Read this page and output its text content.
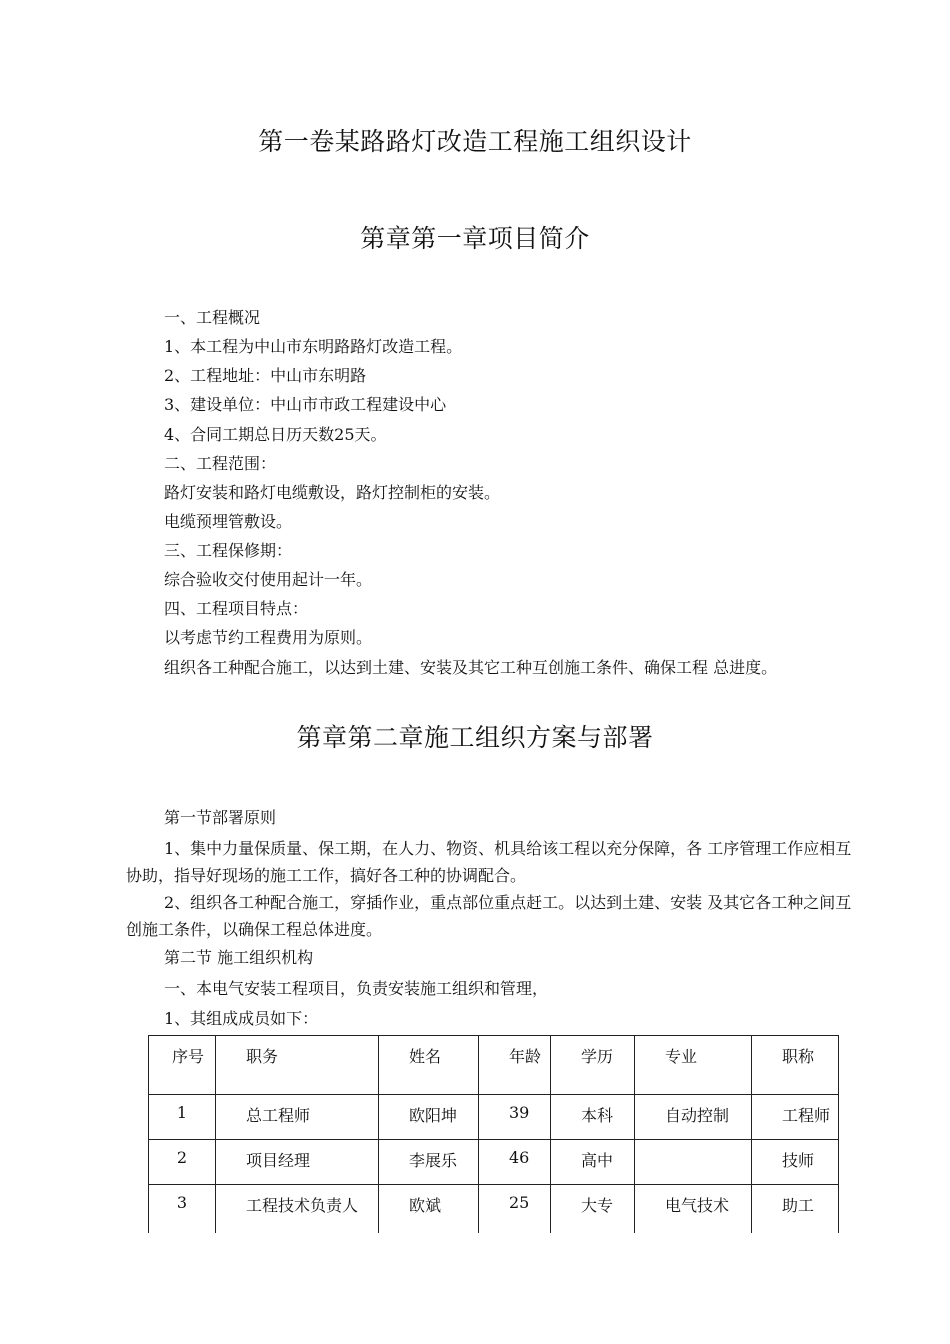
第一卷某路路灯改造工程施工组织设计
第章第一章项目简介
一、工程概况
1、本工程为中山市东明路路灯改造工程。
2、工程地址：中山市东明路
3、建设单位：中山市市政工程建设中心
4、合同工期总日历天数25天。
二、工程范围：
路灯安装和路灯电缆敷设，路灯控制柜的安装。
电缆预埋管敷设。
三、工程保修期：
综合验收交付使用起计一年。
四、工程项目特点：
以考虑节约工程费用为原则。
组织各工种配合施工，以达到土建、安装及其它工种互创施工条件、确保工程 总进度。
第章第二章施工组织方案与部署
第一节部署原则
1、集中力量保质量、保工期，在人力、物资、机具给该工程以充分保障，各 工序管理工作应相互协助，指导好现场的施工工作，搞好各工种的协调配合。
2、组织各工种配合施工，穿插作业，重点部位重点赶工。以达到土建、安装 及其它各工种之间互创施工条件，以确保工程总体进度。
第二节 施工组织机构
一、本电气安装工程项目，负责安装施工组织和管理，
1、其组成成员如下：
序号	职务	姓名	年龄	学历	专业	职称
1	总工程师	欧阳坤	39	本科	自动控制	工程师
2	项目经理	李展乐	46	高中		技师
3	工程技术负责人	欧斌	25	大专	电气技术	助工
